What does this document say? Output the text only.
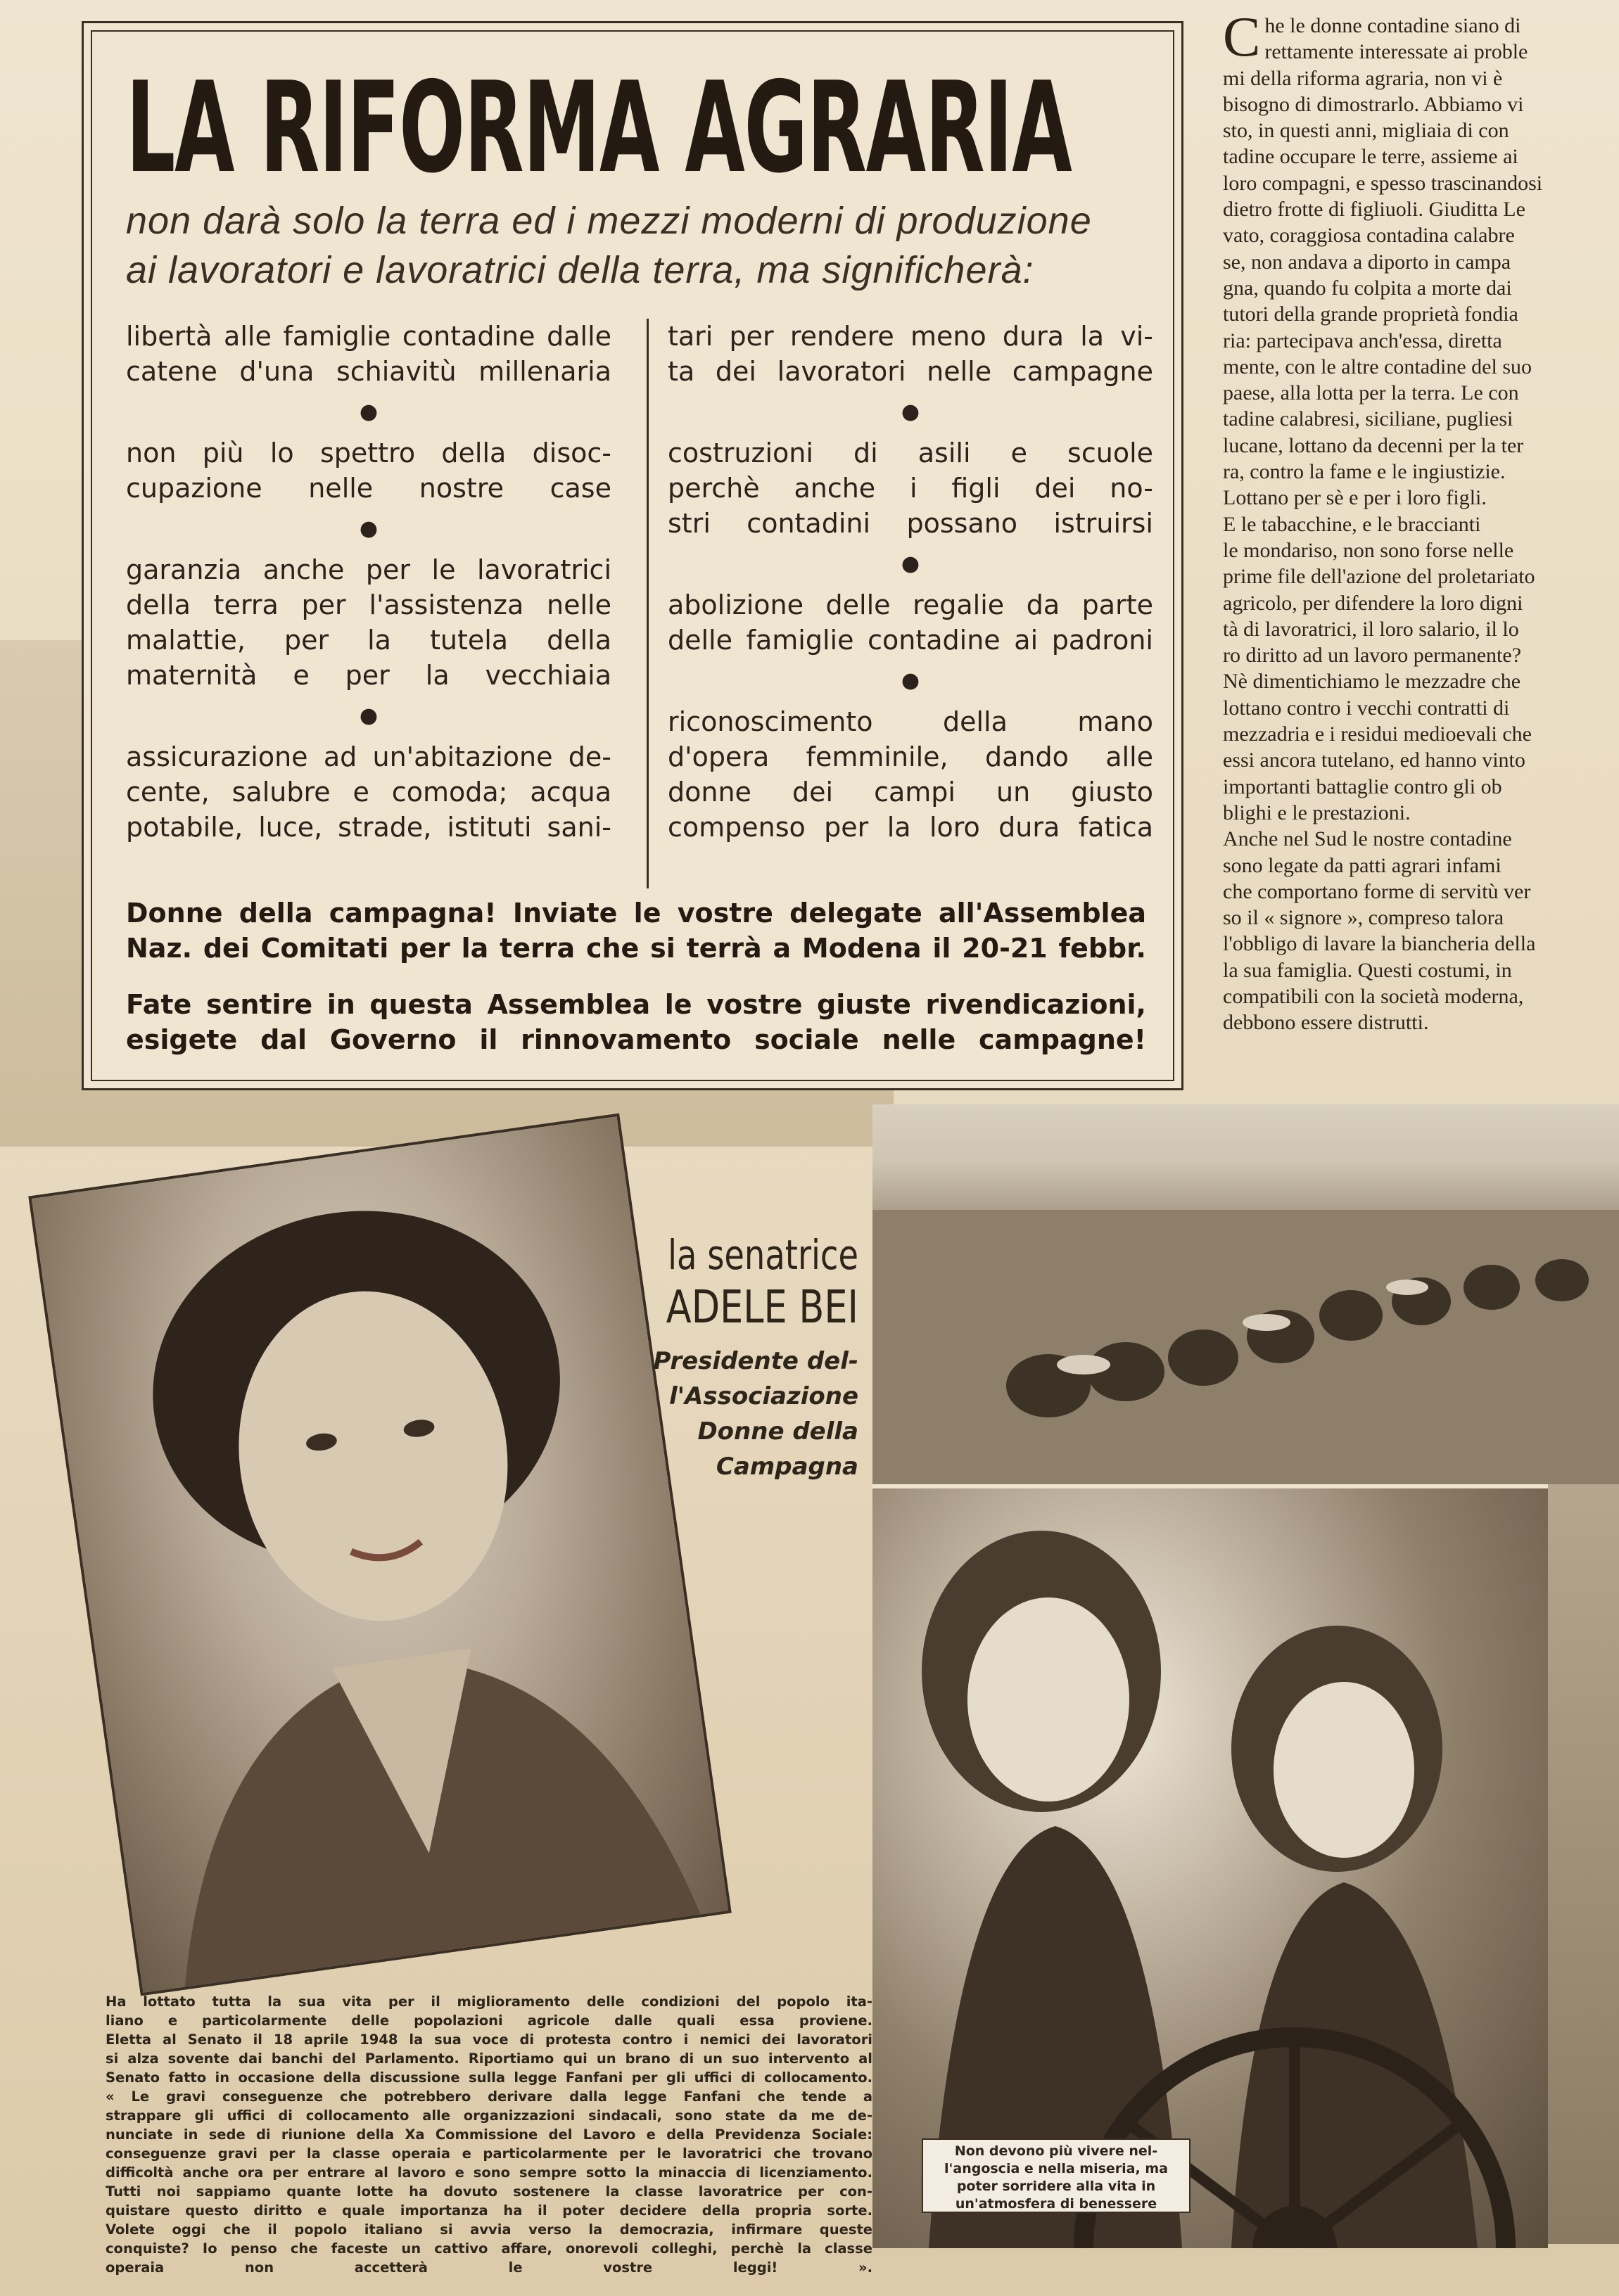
LA RIFORMA AGRARIA
non darà solo la terra ed i mezzi moderni di produzione
ai lavoratori e lavoratrici della terra, ma significherà:

libertà alle famiglie contadine dalle

catene d'una schiavitù millenaria

●

non più lo spettro della disoc-

cupazione nelle nostre case

●

garanzia anche per le lavoratrici

della terra per l'assistenza nelle

malattie, per la tutela della

maternità e per la vecchiaia

●

assicurazione ad un'abitazione de-

cente, salubre e comoda; acqua

potabile, luce, strade, istituti sani-

tari per rendere meno dura la vi-

ta dei lavoratori nelle campagne

●

costruzioni di asili e scuole

perchè anche i figli dei no-

stri contadini possano istruirsi

●

abolizione delle regalie da parte

delle famiglie contadine ai padroni

●

riconoscimento della mano

d'opera femminile, dando alle

donne dei campi un giusto

compenso per la loro dura fatica

Donne della campagna! Inviate le vostre delegate all'Assemblea

Naz. dei Comitati per la terra che si terrà a Modena il 20-21 febbr.

Fate sentire in questa Assemblea le vostre giuste rivendicazioni,

esigete dal Governo il rinnovamento sociale nelle campagne!

C he le donne contadine siano di

rettamente interessate ai proble

mi della riforma agraria, non vi è

bisogno di dimostrarlo. Abbiamo vi

sto, in questi anni, migliaia di con

tadine occupare le terre, assieme ai

loro compagni, e spesso trascinandosi

dietro frotte di figliuoli. Giuditta Le

vato, coraggiosa contadina calabre

se, non andava a diporto in campa

gna, quando fu colpita a morte dai

tutori della grande proprietà fondia

ria: partecipava anch'essa, diretta

mente, con le altre contadine del suo

paese, alla lotta per la terra. Le con

tadine calabresi, siciliane, pugliesi

lucane, lottano da decenni per la ter

ra, contro la fame e le ingiustizie.

Lottano per sè e per i loro figli.

E le tabacchine, e le braccianti

le mondariso, non sono forse nelle

prime file dell'azione del proletariato

agricolo, per difendere la loro digni

tà di lavoratrici, il loro salario, il lo

ro diritto ad un lavoro permanente?

Nè dimentichiamo le mezzadre che

lottano contro i vecchi contratti di

mezzadria e i residui medioevali che

essi ancora tutelano, ed hanno vinto

importanti battaglie contro gli ob

blighi e le prestazioni.

Anche nel Sud le nostre contadine

sono legate da patti agrari infami

che comportano forme di servitù ver

so il « signore », compreso talora

l'obbligo di lavare la biancheria della

la sua famiglia. Questi costumi, in

compatibili con la società moderna,

debbono essere distrutti.

la senatrice
ADELE BEI
Presidente del-
l'Associazione
Donne della
Campagna

Ha lottato tutta la sua vita per il miglioramento delle condizioni del popolo ita-

liano e particolarmente delle popolazioni agricole dalle quali essa proviene.

Eletta al Senato il 18 aprile 1948 la sua voce di protesta contro i nemici dei lavoratori

si alza sovente dai banchi del Parlamento. Riportiamo qui un brano di un suo intervento al

Senato fatto in occasione della discussione sulla legge Fanfani per gli uffici di collocamento.

« Le gravi conseguenze che potrebbero derivare dalla legge Fanfani che tende a

strappare gli uffici di collocamento alle organizzazioni sindacali, sono state da me de-

nunciate in sede di riunione della Xa Commissione del Lavoro e della Previdenza Sociale:

conseguenze gravi per la classe operaia e particolarmente per le lavoratrici che trovano

difficoltà anche ora per entrare al lavoro e sono sempre sotto la minaccia di licenziamento.

Tutti noi sappiamo quante lotte ha dovuto sostenere la classe lavoratrice per con-

quistare questo diritto e quale importanza ha il poter decidere della propria sorte.

Volete oggi che il popolo italiano si avvia verso la democrazia, infirmare queste

conquiste? Io penso che faceste un cattivo affare, onorevoli colleghi, perchè la classe

operaia non accetterà le vostre leggi! ».

Non devono più vivere nel-

l'angoscia e nella miseria, ma

poter sorridere alla vita in

un'atmosfera di benessere
